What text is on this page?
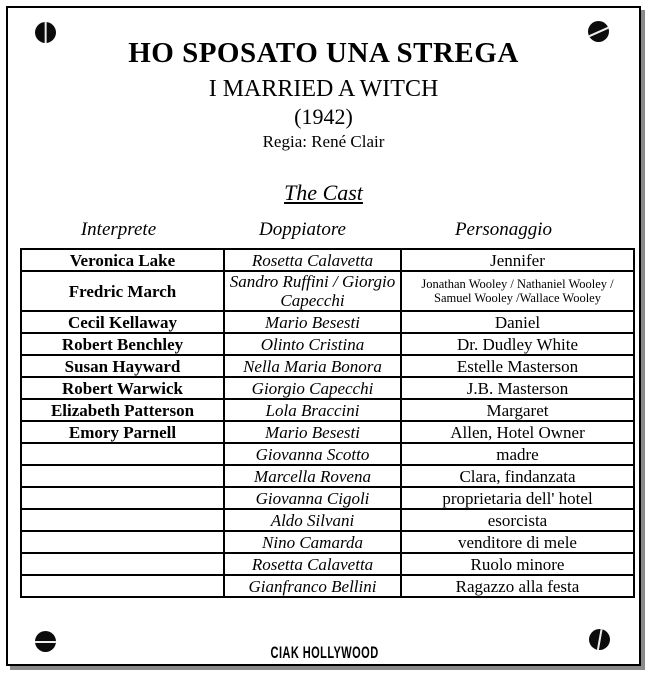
HO SPOSATO UNA STREGA
I MARRIED A WITCH
(1942)
Regia: René Clair
The Cast
Interprete	Doppiatore	Personaggio
Veronica Lake	Rosetta Calavetta	Jennifer
Fredric March	Sandro Ruffini / Giorgio Capecchi	Jonathan Wooley / Nathaniel Wooley / Samuel Wooley /Wallace Wooley
Cecil Kellaway	Mario Besesti	Daniel
Robert Benchley	Olinto Cristina	Dr. Dudley White
Susan Hayward	Nella Maria Bonora	Estelle Masterson
Robert Warwick	Giorgio Capecchi	J.B. Masterson
Elizabeth Patterson	Lola Braccini	Margaret
Emory Parnell	Mario Besesti	Allen, Hotel Owner
	Giovanna Scotto	madre
	Marcella Rovena	Clara, findanzata
	Giovanna Cigoli	proprietaria dell' hotel
	Aldo Silvani	esorcista
	Nino Camarda	venditore di mele
	Rosetta Calavetta	Ruolo minore
	Gianfranco Bellini	Ragazzo alla festa
CIAK HOLLYWOOD
